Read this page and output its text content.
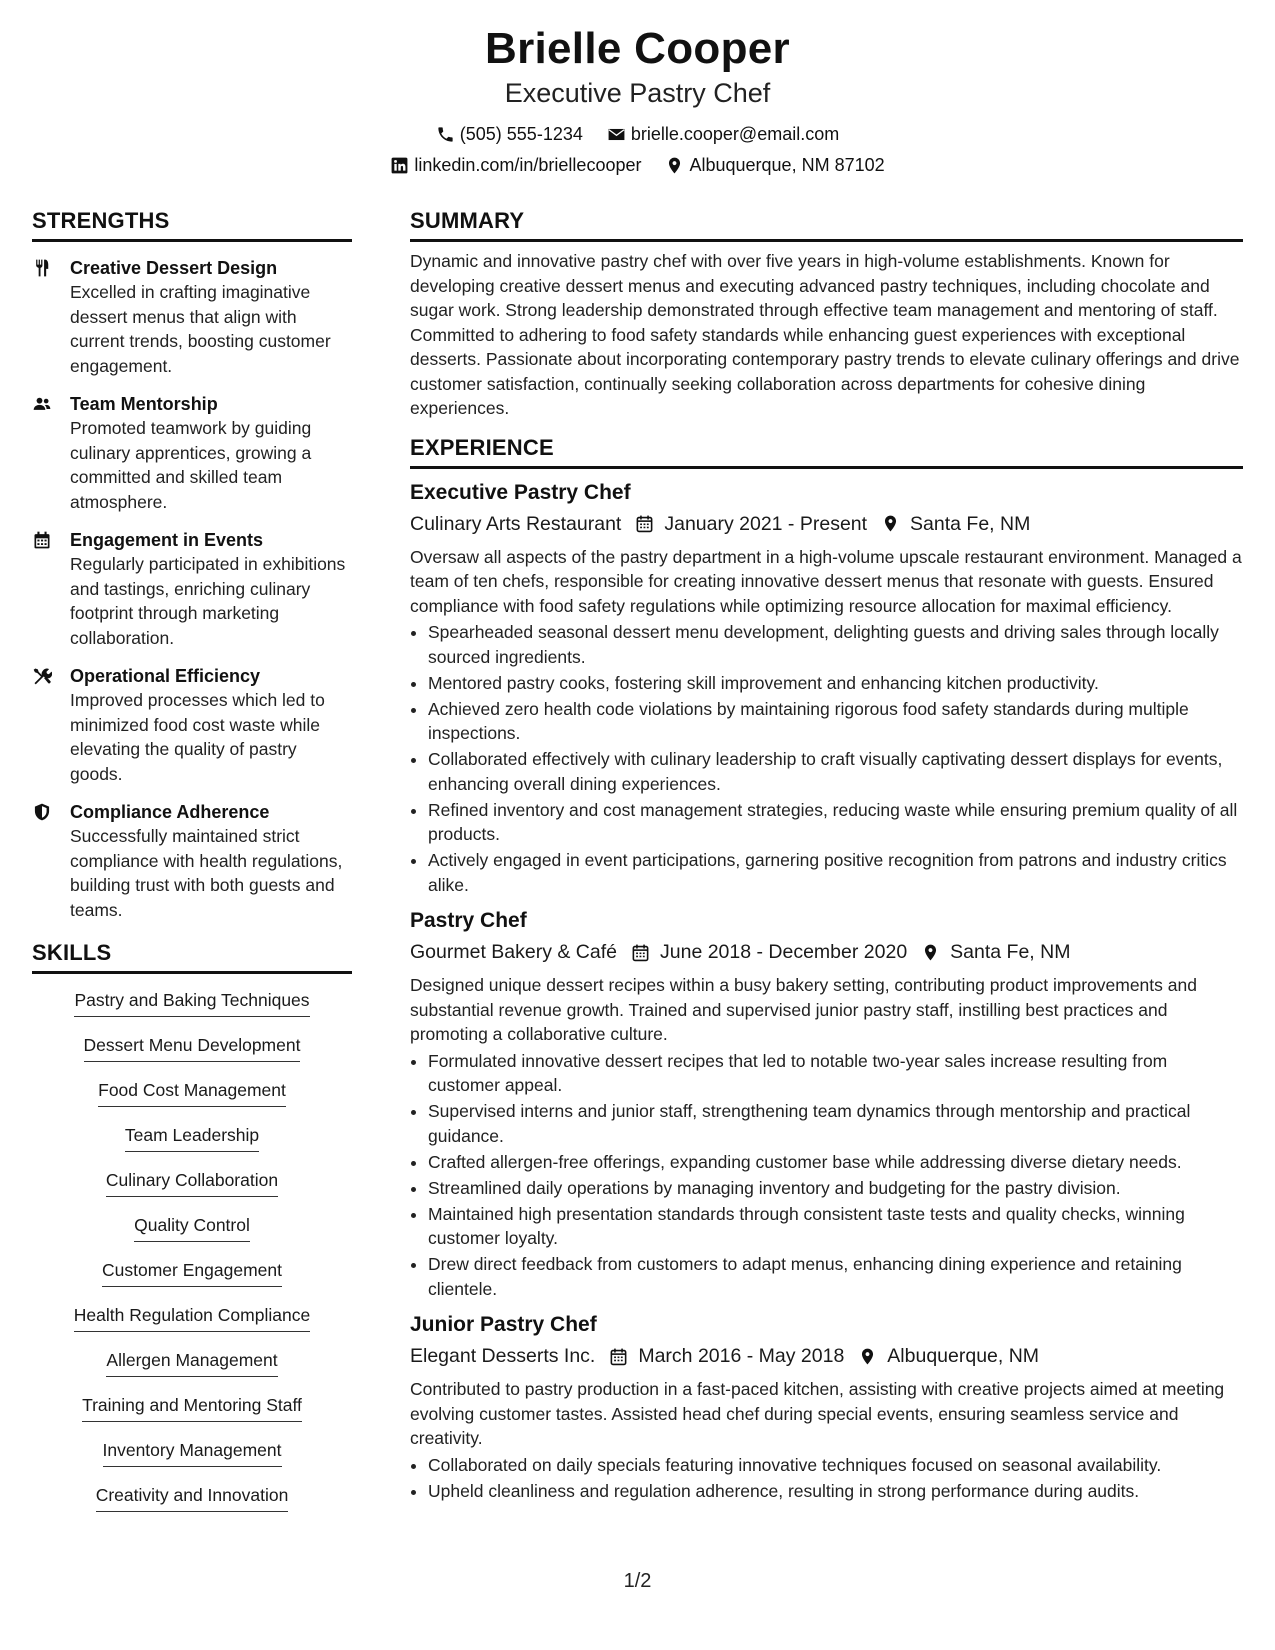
Brielle Cooper
Executive Pastry Chef
(505) 555-1234	brielle.cooper@email.com
linkedin.com/in/briellecooper	Albuquerque, NM 87102
STRENGTHS
Creative Dessert Design
Excelled in crafting imaginative dessert menus that align with current trends, boosting customer engagement.
Team Mentorship
Promoted teamwork by guiding culinary apprentices, growing a committed and skilled team atmosphere.
Engagement in Events
Regularly participated in exhibitions and tastings, enriching culinary footprint through marketing collaboration.
Operational Efficiency
Improved processes which led to minimized food cost waste while elevating the quality of pastry goods.
Compliance Adherence
Successfully maintained strict compliance with health regulations, building trust with both guests and teams.
SKILLS
Pastry and Baking Techniques
Dessert Menu Development
Food Cost Management
Team Leadership
Culinary Collaboration
Quality Control
Customer Engagement
Health Regulation Compliance
Allergen Management
Training and Mentoring Staff
Inventory Management
Creativity and Innovation
SUMMARY
Dynamic and innovative pastry chef with over five years in high-volume establishments. Known for developing creative dessert menus and executing advanced pastry techniques, including chocolate and sugar work. Strong leadership demonstrated through effective team management and mentoring of staff. Committed to adhering to food safety standards while enhancing guest experiences with exceptional desserts. Passionate about incorporating contemporary pastry trends to elevate culinary offerings and drive customer satisfaction, continually seeking collaboration across departments for cohesive dining experiences.
EXPERIENCE
Executive Pastry Chef
Culinary Arts Restaurant January 2021 - Present Santa Fe, NM
Oversaw all aspects of the pastry department in a high-volume upscale restaurant environment. Managed a team of ten chefs, responsible for creating innovative dessert menus that resonate with guests. Ensured compliance with food safety regulations while optimizing resource allocation for maximal efficiency.
• Spearheaded seasonal dessert menu development, delighting guests and driving sales through locally sourced ingredients.
• Mentored pastry cooks, fostering skill improvement and enhancing kitchen productivity.
• Achieved zero health code violations by maintaining rigorous food safety standards during multiple inspections.
• Collaborated effectively with culinary leadership to craft visually captivating dessert displays for events, enhancing overall dining experiences.
• Refined inventory and cost management strategies, reducing waste while ensuring premium quality of all products.
• Actively engaged in event participations, garnering positive recognition from patrons and industry critics alike.
Pastry Chef
Gourmet Bakery & Café June 2018 - December 2020 Santa Fe, NM
Designed unique dessert recipes within a busy bakery setting, contributing product improvements and substantial revenue growth. Trained and supervised junior pastry staff, instilling best practices and promoting a collaborative culture.
• Formulated innovative dessert recipes that led to notable two-year sales increase resulting from customer appeal.
• Supervised interns and junior staff, strengthening team dynamics through mentorship and practical guidance.
• Crafted allergen-free offerings, expanding customer base while addressing diverse dietary needs.
• Streamlined daily operations by managing inventory and budgeting for the pastry division.
• Maintained high presentation standards through consistent taste tests and quality checks, winning customer loyalty.
• Drew direct feedback from customers to adapt menus, enhancing dining experience and retaining clientele.
Junior Pastry Chef
Elegant Desserts Inc. March 2016 - May 2018 Albuquerque, NM
Contributed to pastry production in a fast-paced kitchen, assisting with creative projects aimed at meeting evolving customer tastes. Assisted head chef during special events, ensuring seamless service and creativity.
• Collaborated on daily specials featuring innovative techniques focused on seasonal availability.
• Upheld cleanliness and regulation adherence, resulting in strong performance during audits.
1/2
